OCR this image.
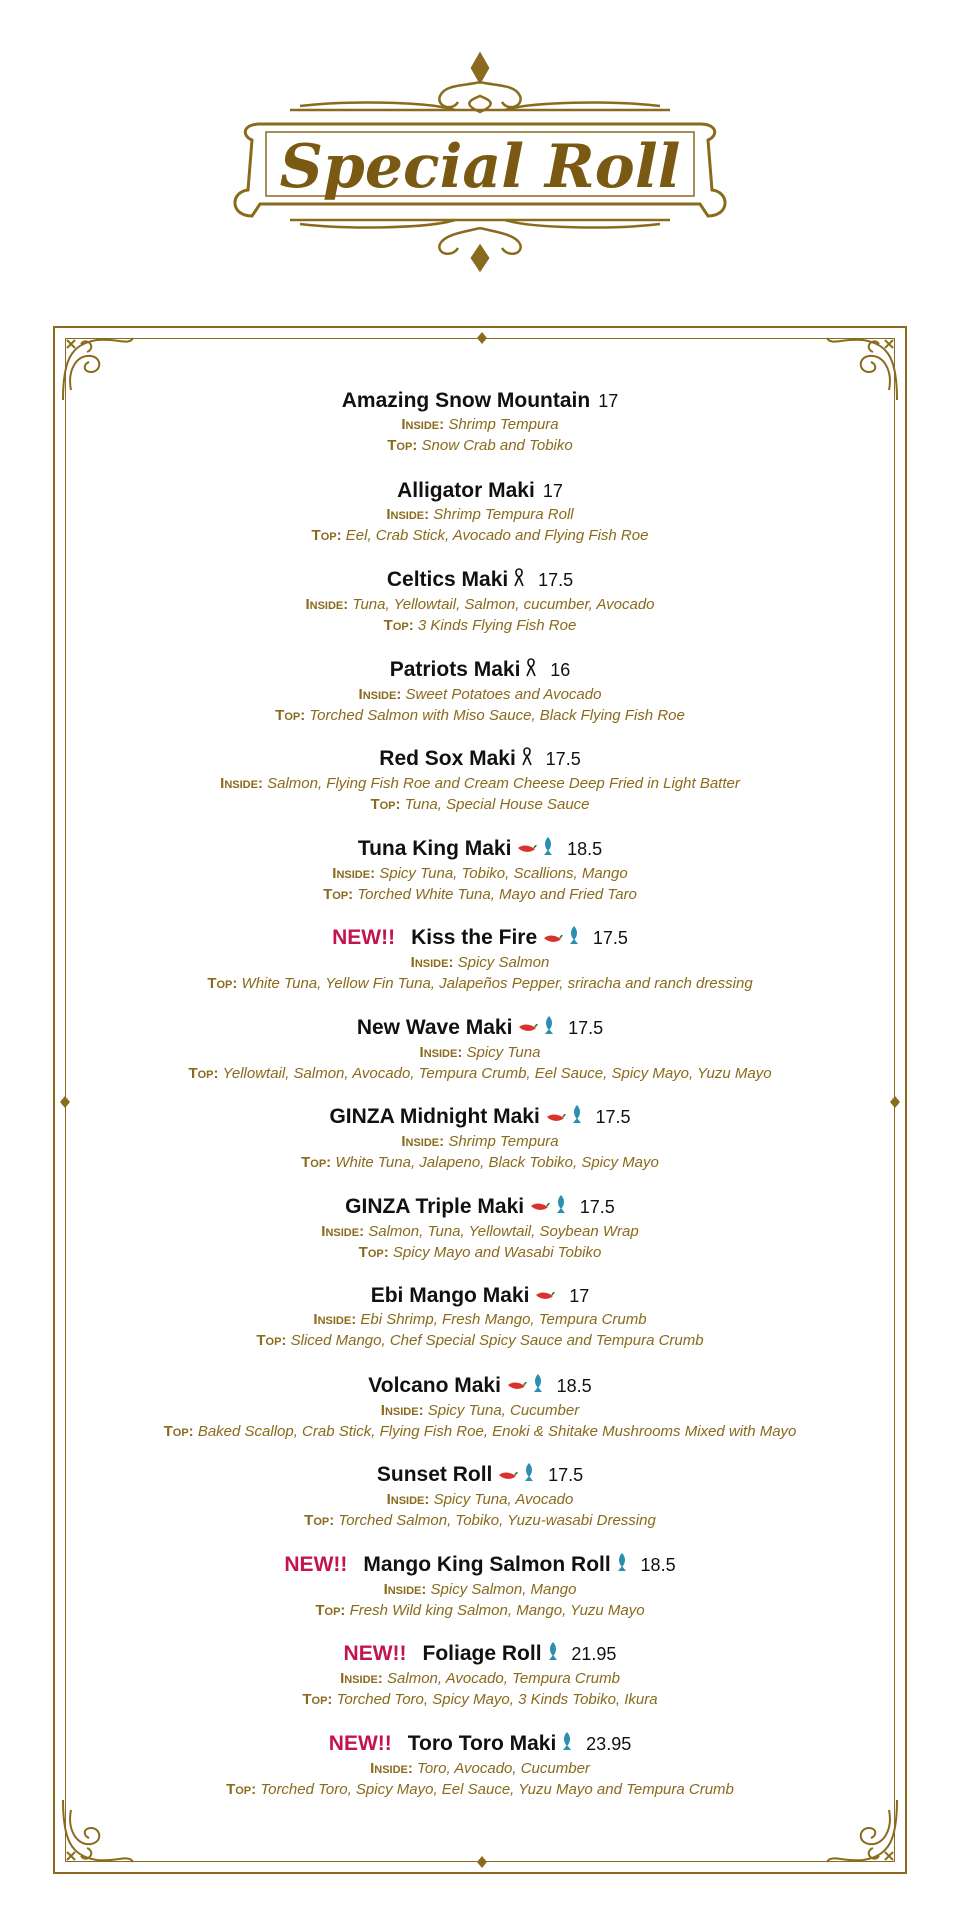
Special Roll
Amazing Snow Mountain 17
Inside: Shrimp Tempura
Top: Snow Crab and Tobiko
Alligator Maki 17
Inside: Shrimp Tempura Roll
Top: Eel, Crab Stick, Avocado and Flying Fish Roe
Celtics Maki 17.5
Inside: Tuna, Yellowtail, Salmon, cucumber, Avocado
Top: 3 Kinds Flying Fish Roe
Patriots Maki 16
Inside: Sweet Potatoes and Avocado
Top: Torched Salmon with Miso Sauce, Black Flying Fish Roe
Red Sox Maki 17.5
Inside: Salmon, Flying Fish Roe and Cream Cheese Deep Fried in Light Batter
Top: Tuna, Special House Sauce
Tuna King Maki	18.5
Inside: Spicy Tuna, Tobiko, Scallions, Mango
Top: Torched White Tuna, Mayo and Fried Taro
NEW!! Kiss the Fire	17.5
Inside: Spicy Salmon
Top: White Tuna, Yellow Fin Tuna, Jalapeños Pepper, sriracha and ranch dressing
New Wave Maki	17.5
Inside: Spicy Tuna
Top: Yellowtail, Salmon, Avocado, Tempura Crumb, Eel Sauce, Spicy Mayo, Yuzu Mayo
GINZA Midnight Maki	17.5
Inside: Shrimp Tempura
Top: White Tuna, Jalapeno, Black Tobiko, Spicy Mayo
GINZA Triple Maki	17.5
Inside: Salmon, Tuna, Yellowtail, Soybean Wrap
Top: Spicy Mayo and Wasabi Tobiko
Ebi Mango Maki 17
Inside: Ebi Shrimp, Fresh Mango, Tempura Crumb
Top: Sliced Mango, Chef Special Spicy Sauce and Tempura Crumb
Volcano Maki	18.5
Inside: Spicy Tuna, Cucumber
Top: Baked Scallop, Crab Stick, Flying Fish Roe, Enoki & Shitake Mushrooms Mixed with Mayo
Sunset Roll	17.5
Inside: Spicy Tuna, Avocado
Top: Torched Salmon, Tobiko, Yuzu-wasabi Dressing
NEW!! Mango King Salmon Roll 18.5
Inside: Spicy Salmon, Mango
Top: Fresh Wild king Salmon, Mango, Yuzu Mayo
NEW!! Foliage Roll 21.95
Inside: Salmon, Avocado, Tempura Crumb
Top: Torched Toro, Spicy Mayo, 3 Kinds Tobiko, Ikura
NEW!! Toro Toro Maki 23.95
Inside: Toro, Avocado, Cucumber
Top: Torched Toro, Spicy Mayo, Eel Sauce, Yuzu Mayo and Tempura Crumb
